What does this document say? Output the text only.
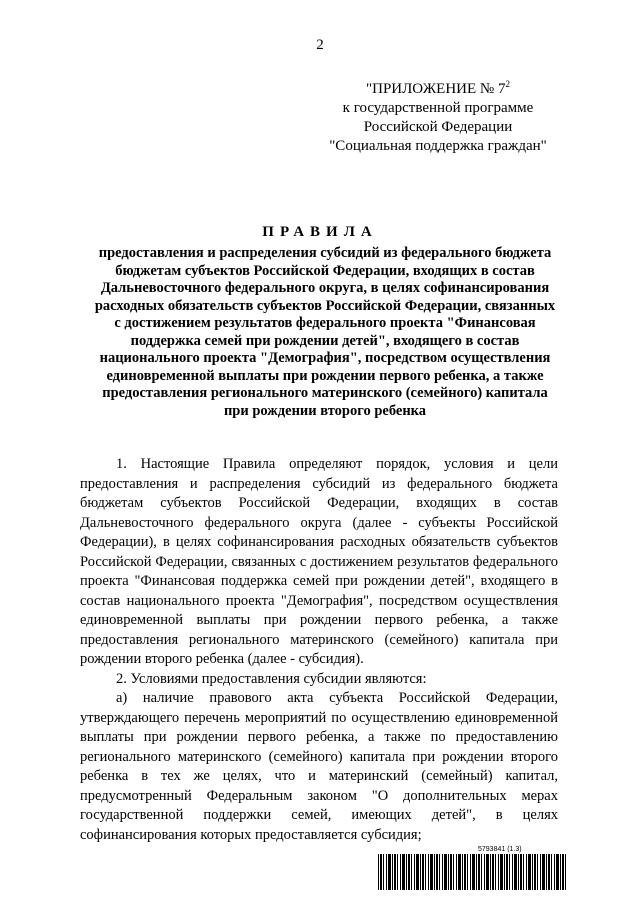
2
"ПРИЛОЖЕНИЕ № $7^2$
к государственной программе
Российской Федерации
"Социальная поддержка граждан"
ПРАВИЛА
предоставления и распределения субсидий из федерального бюджета бюджетам субъектов Российской Федерации, входящих в состав Дальневосточного федерального округа, в целях софинансирования расходных обязательств субъектов Российской Федерации, связанных с достижением результатов федерального проекта "Финансовая поддержка семей при рождении детей", входящего в состав национального проекта "Демография", посредством осуществления единовременной выплаты при рождении первого ребенка, а также предоставления регионального материнского (семейного) капитала при рождении второго ребенка

1. Настоящие Правила определяют порядок, условия и цели предоставления и распределения субсидий из федерального бюджета бюджетам субъектов Российской Федерации, входящих в состав Дальневосточного федерального округа (далее - субъекты Российской Федерации), в целях софинансирования расходных обязательств субъектов Российской Федерации, связанных с достижением результатов федерального проекта "Финансовая поддержка семей при рождении детей", входящего в состав национального проекта "Демография", посредством осуществления единовременной выплаты при рождении первого ребенка, а также предоставления регионального материнского (семейного) капитала при рождении второго ребенка (далее - субсидия).

2. Условиями предоставления субсидии являются:

а) наличие правового акта субъекта Российской Федерации, утверждающего перечень мероприятий по осуществлению единовременной выплаты при рождении первого ребенка, а также по предоставлению регионального материнского (семейного) капитала при рождении второго ребенка в тех же целях, что и материнский (семейный) капитал, предусмотренный Федеральным законом "О дополнительных мерах государственной поддержки семей, имеющих детей", в целях софинансирования которых предоставляется субсидия;

5793841 (1.3)
